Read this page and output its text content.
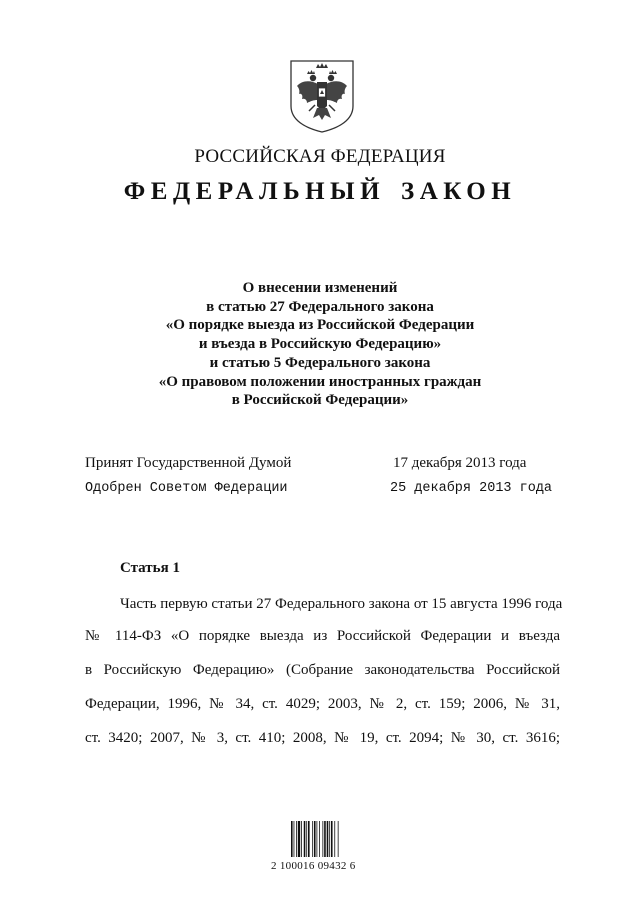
РОССИЙСКАЯ ФЕДЕРАЦИЯ
ФЕДЕРАЛЬНЫЙ ЗАКОН
О внесении изменений
в статью 27 Федерального закона
«О порядке выезда из Российской Федерации
и въезда в Российскую Федерацию»
и статью 5 Федерального закона
«О правовом положении иностранных граждан
в Российской Федерации»
Принят Государственной Думой	17 декабря 2013 года
Одобрен Советом Федерации	25 декабря 2013 года
Статья 1
Часть первую статьи 27 Федерального закона от 15 августа 1996 года
№ 114-ФЗ «О порядке выезда из Российской Федерации и въезда
в Российскую Федерацию» (Собрание законодательства Российской
Федерации, 1996, № 34, ст. 4029; 2003, № 2, ст. 159; 2006, № 31,
ст. 3420; 2007, № 3, ст. 410; 2008, № 19, ст. 2094; № 30, ст. 3616;
2 100016 09432 6
